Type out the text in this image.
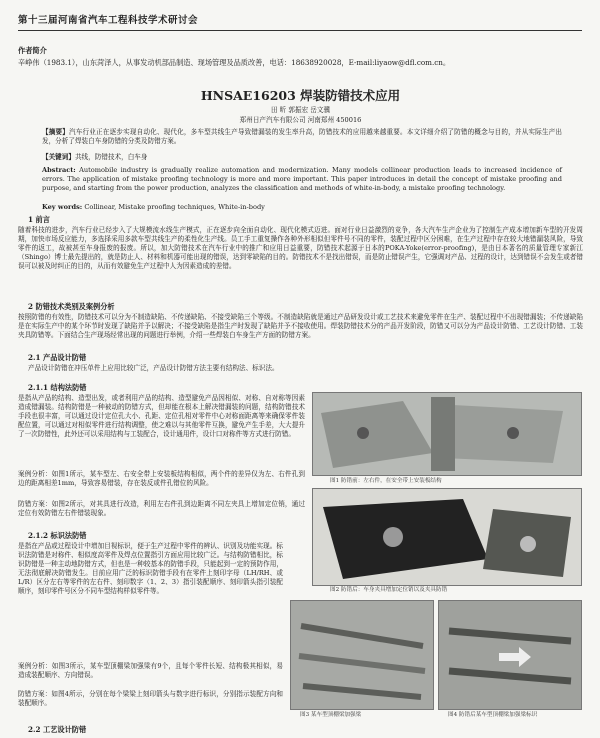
第十三届河南省汽车工程科技学术研讨会
作者简介
辛峥伟（1983.1），山东菏泽人，从事发动机部品制造、现场管理及品质改善，电话：18638920028，E-mail:liyaow@dfl.com.cn。
HNSAE16203 焊装防错技术应用
田 昕 郭振宏 岳文骥
郑州日产汽车有限公司 河南郑州 450016
【摘要】汽车行业正在逐步实现自动化、现代化，多车型共线生产导致错漏装的发生率升高，防错技术的应用越来越重要。本文详细介绍了防错的概念与目的，并从实际生产出发，分析了焊装白车身防错的分类及防错方案。
【关键词】共线，防错技术，白车身
Abstract: Automobile industry is gradually realize automation and modernization. Many models collinear production leads to increased incidence of errors. The application of mistake proofing technology is more and more important. This paper introduces in detail the concept of mistake proofing and purpose, and starting from the power production, analyzes the classification and methods of white-in-body, a mistake proofing technology.
Key words: Collinear, Mistake proofing techniques, White-in-body
1 前言
随着科技的进步，汽车行业已经步入了大规模流水线生产模式，正在逐步向全面自动化、现代化模式迈进。面对行业日益激烈的竞争，各大汽车生产企业为了控制生产成本增加新车型的开发周期，加快市场反应能力，多选择采用多款车型共线生产的柔性化生产线。员工手工重复操作各种外形相似但零件号不同的零件，装配过程中区分困难，在生产过程中存在较大地错漏装风险，导致零件的返工，故被甚至车身报废的报废。所以，加大防错技术在汽车行业中的推广和应用日益重要，防错技术起源于日本的POKA-Yoke(error-proofing)，是由日本著名的质量管理专家新江（Shingo）博士最先提出的，就是防止人、材料和机器可能出现的错误，达到零缺陷的目的。防错技术不是找出错误，而是防止错误产生，它强调对产品、过程的设计，达到错误不会发生或者错误可以被及时纠正的目的，从而有效避免生产过程中人为因素造成的差错。
2 防错技术类别及案例分析
按照防错的有效性，防错技术可以分为不制造缺陷、不传递缺陷、不接受缺陷三个等级。不制造缺陷就是通过产品研发设计或工艺技术来避免零件在生产、装配过程中不出现错漏装；不传递缺陷是在实际生产中的某个环节时发现了缺陷并予以解决；不接受缺陷是指生产时发现了缺陷并予不接收使用。焊装防错技术分的产品开发阶段，防错又可以分为产品设计防错、工艺设计防错、工装夹具防错等。下面结合生产现场经常出现的问题进行举例，介绍一些焊装白车身生产方面的防错方案。
2.1 产品设计防错
产品设计防错在冲压单件上应用比较广泛，产品设计防错方法主要有结构法、标识法。
2.1.1 结构法防错
是指从产品的结构、造型出发，或者利用产品的结构、造型避免产品因相似、对称、自对称等因素造成错漏装。结构防错是一种被动的防错方式，但却能在根本上解决错漏装的问题，结构防错技术手段也很丰富，可以通过设计定位孔大小、孔距、定位孔相对零件中心对称面距离等来确保零件装配位置，可以通过对相似零件进行结构调整，使之难以与其他零件互换，避免产生手差，大大提升了一次防错性，此外还可以采用结构与工装配合，设计通用件，设计口对称件等方式进行防错。
案例分析：如图1所示，某车型左、右安全带上安装板结构相似，两个件的差异仅为左、右件孔到边的距离相差1mm，导致容易错装，存在装反或件孔错位的风险。
防错方案：如图2所示，对其具进行改造，利用左右件孔到边距离不同左夹具上增加定位销，通过定位有效防错左右件错装现象。
2.1.2 标识法防错
是指在产品或过程设计中增加目视标识，便于生产过程中零件的辨认、识别及功能实现。标识法防错是对称件、相似度高零件及焊点位置指引方面应用比较广泛。与结构防错相比，标识防错是一种主动地防错方式，但也是一种较基本的防错手段，只能起到一定的预防作用，无法彻底解决防错发生。目前应用广泛的标识防错手段有在零件上刻印字母（LH/RH、或L/R）区分左右等零件的左右件、刻印数字（1、2、3）指引装配顺序、刻印箭头指引装配顺序，刻印零件号区分不同车型结构样似零件等。
案例分析：如图3所示，某车型顶棚梁加强梁有9个，且每个零件长短、结构极其相似，易造成装配顺序、方向错误。
防错方案：如图4所示，分别在每个梁梁上刻印箭头与数字进行标识，分别指示装配方向和装配顺序。
2.2 工艺设计防错
图1 防错前：左右件，在安全带上安装板结构
图2 防错后：车身夹具增加定位销以及夹具防错
图3 某车型顶棚梁加强梁	图4 防错后某车型顶棚梁加强梁标识
